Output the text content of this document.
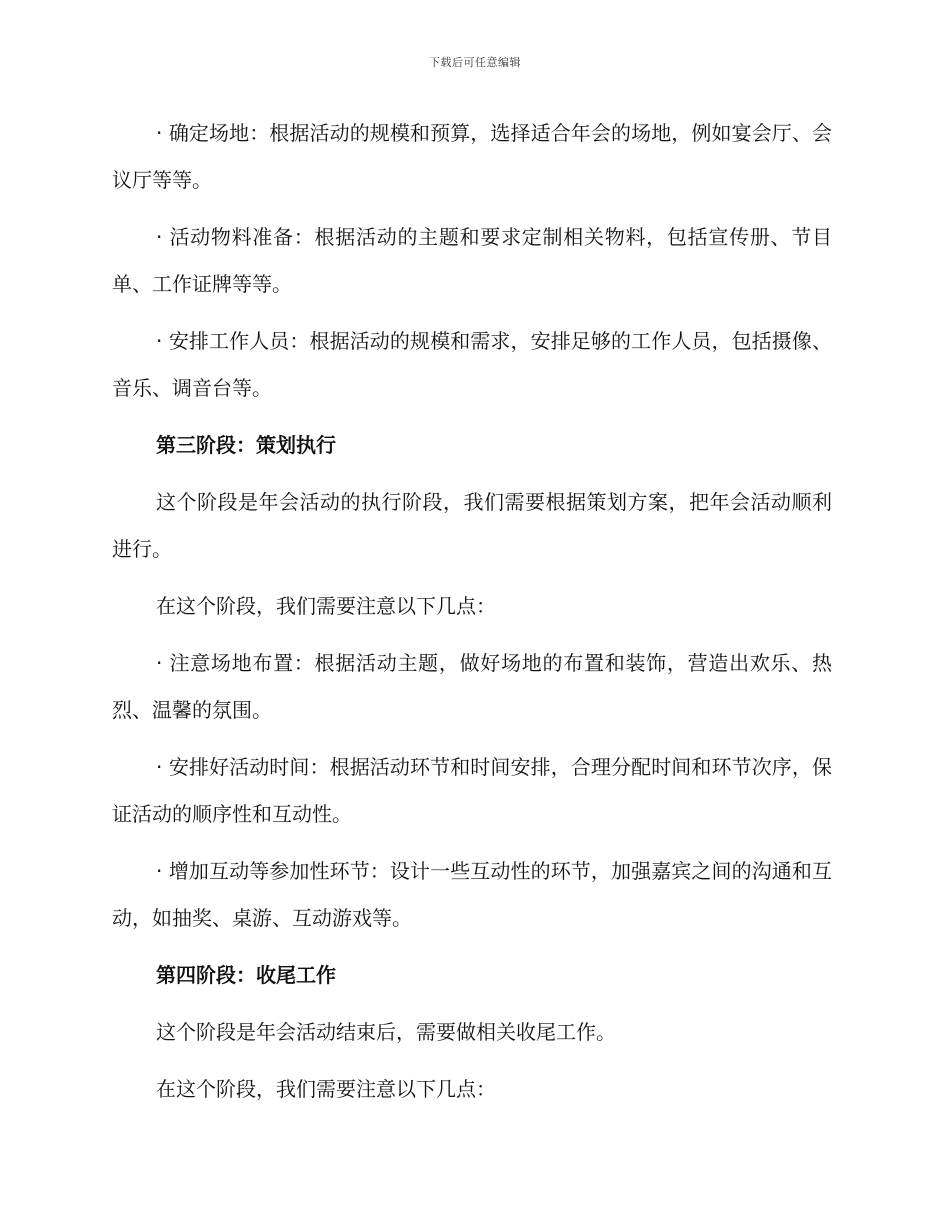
下载后可任意编辑

· 确定场地：根据活动的规模和预算，选择适合年会的场地，例如宴会厅、会议厅等等。

· 活动物料准备：根据活动的主题和要求定制相关物料，包括宣传册、节目单、工作证牌等等。

· 安排工作人员：根据活动的规模和需求，安排足够的工作人员，包括摄像、音乐、调音台等。

第三阶段：策划执行

这个阶段是年会活动的执行阶段，我们需要根据策划方案，把年会活动顺利进行。

在这个阶段，我们需要注意以下几点：

· 注意场地布置：根据活动主题，做好场地的布置和装饰，营造出欢乐、热烈、温馨的氛围。

· 安排好活动时间：根据活动环节和时间安排，合理分配时间和环节次序，保证活动的顺序性和互动性。

· 增加互动等参加性环节：设计一些互动性的环节，加强嘉宾之间的沟通和互动，如抽奖、桌游、互动游戏等。

第四阶段：收尾工作

这个阶段是年会活动结束后，需要做相关收尾工作。

在这个阶段，我们需要注意以下几点：
